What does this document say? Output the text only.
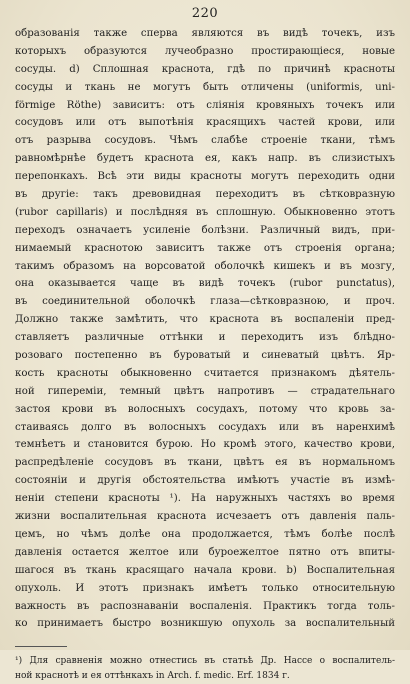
220
образованія также сперва являются въ видѣ точекъ, изъ
которыхъ образуются лучеобразно простирающіеся, новые
сосуды. d) Сплошная краснота, гдѣ по причинѣ красноты
сосуды и ткань не могутъ быть отличены (uniformis, uni-
förmige Röthe) зависитъ: отъ сліянія кровяныхъ точекъ или
сосудовъ или отъ выпотѣнія красящихъ частей крови, или
отъ разрыва сосудовъ. Чѣмъ слабѣе строеніе ткани, тѣмъ
равномѣрнѣе будетъ краснота ея, какъ напр. въ слизистыхъ
перепонкахъ. Всѣ эти виды красноты могутъ переходить одни
въ другіе: такъ древовидная переходитъ въ сѣтковразную
(rubor capillaris) и послѣдняя въ сплошную. Обыкновенно этотъ
переходъ означаетъ усиленіе болѣзни. Различный видъ, при-
нимаемый краснотою зависитъ также отъ строенія органа;
такимъ образомъ на ворсоватой оболочкѣ кишекъ и въ мозгу,
она оказывается чаще въ видѣ точекъ (rubor punctatus),
въ соединительной оболочкѣ глаза—сѣтковразною, и проч.
Должно также замѣтить, что краснота въ воспаленіи пред-
ставляетъ различные оттѣнки и переходитъ изъ блѣдно-
розоваго постепенно въ буроватый и синеватый цвѣтъ. Яр-
кость красноты обыкновенно считается признакомъ дѣятель-
ной гипереміи, темный цвѣтъ напротивъ — страдательнаго
застоя крови въ волосныхъ сосудахъ, потому что кровь за-
стаиваясь долго въ волосныхъ сосудахъ или въ наренхимѣ
темнѣетъ и становится бурою. Но кромѣ этого, качество крови,
распредѣленіе сосудовъ въ ткани, цвѣтъ ея въ нормальномъ
состояніи и другія обстоятельства имѣютъ участіе въ измѣ-
неніи степени красноты ¹). На наружныхъ частяхъ во время
жизни воспалительная краснота исчезаетъ отъ давленія паль-
цемъ, но чѣмъ долѣе она продолжается, тѣмъ болѣе послѣ
давленія остается желтое или буроежелтое пятно отъ впиты-
шагося въ ткань красящаго начала крови. b) Воспалительная
опухоль. И этотъ признакъ имѣетъ только относительную
важность въ распознаваніи воспаленія. Практикъ тогда толь-
ко принимаетъ быстро возникшую опухоль за воспалительный
¹) Для сравненія можно отнестись въ статьѣ Др. Нассе о воспалитель-
ной краснотѣ и ея оттѣнкахъ in Arch. f. medic. Erf. 1834 г.
